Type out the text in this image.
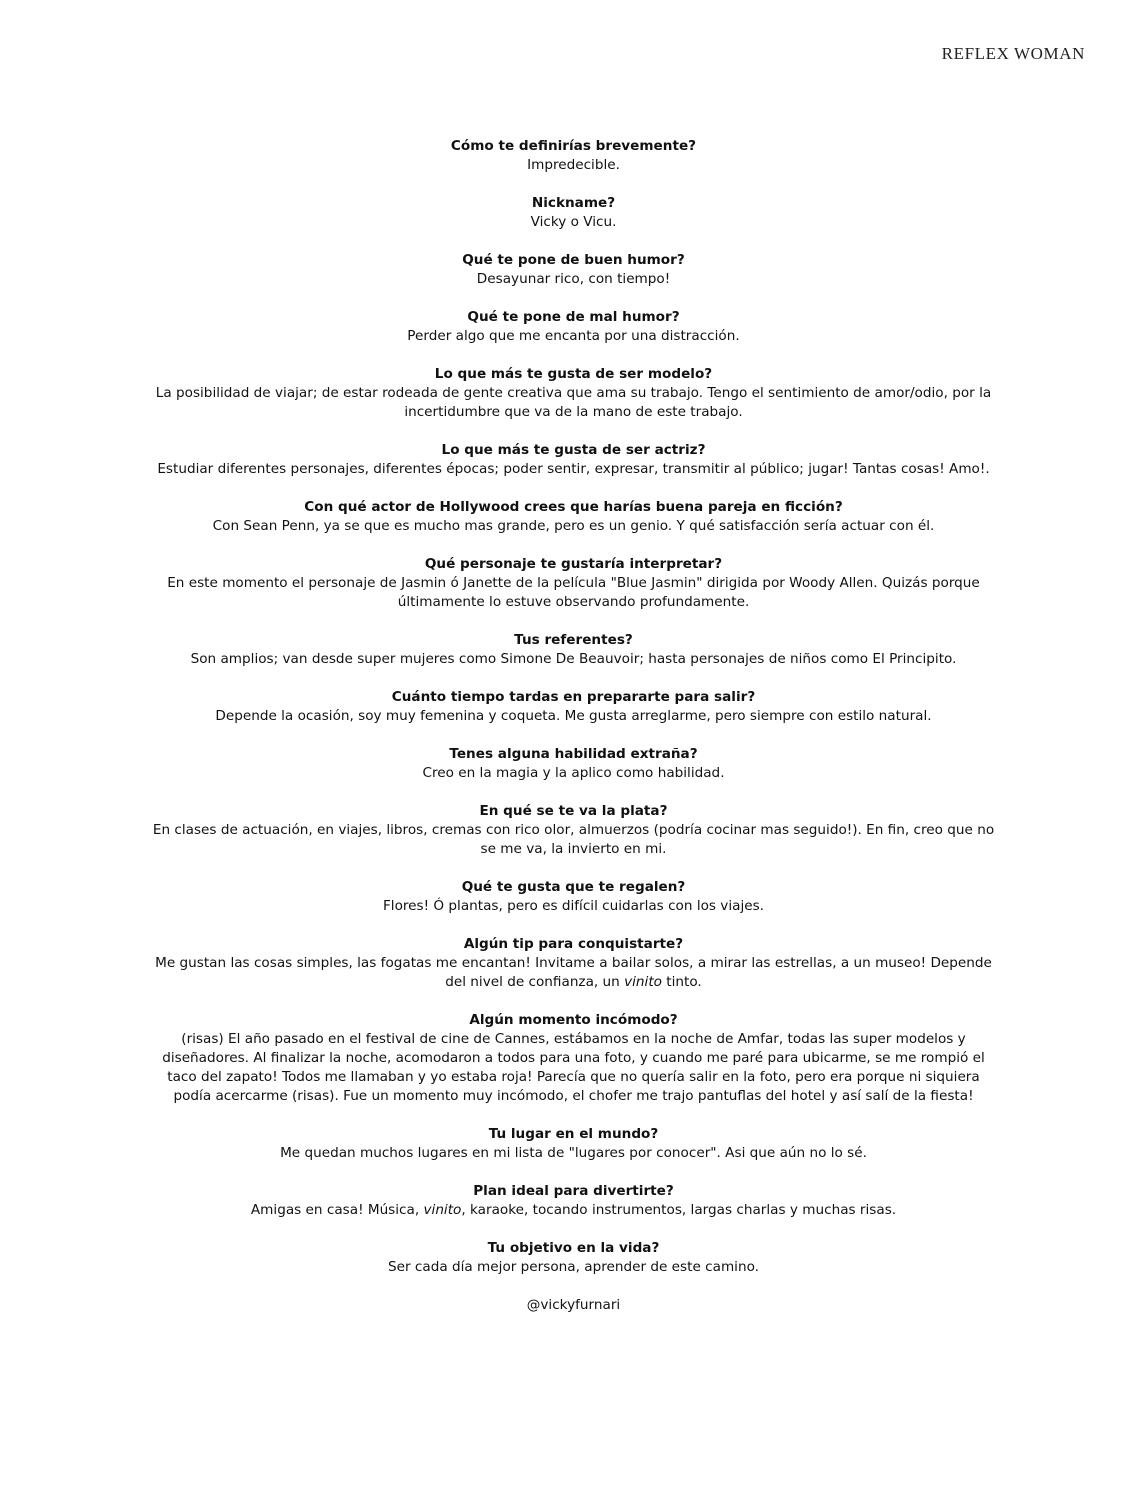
REFLEX WOMAN

Cómo te definirías brevemente?

Impredecible.

Nickname?

Vicky o Vicu.

Qué te pone de buen humor?

Desayunar rico, con tiempo!

Qué te pone de mal humor?

Perder algo que me encanta por una distracción.

Lo que más te gusta de ser modelo?

La posibilidad de viajar; de estar rodeada de gente creativa que ama su trabajo. Tengo el sentimiento de amor/odio, por la incertidumbre que va de la mano de este trabajo.

Lo que más te gusta de ser actriz?

Estudiar diferentes personajes, diferentes épocas; poder sentir, expresar, transmitir al público; jugar! Tantas cosas! Amo!.

Con qué actor de Hollywood crees que harías buena pareja en ficción?

Con Sean Penn, ya se que es mucho mas grande, pero es un genio. Y qué satisfacción sería actuar con él.

Qué personaje te gustaría interpretar?

En este momento el personaje de Jasmin ó Janette de la película "Blue Jasmin" dirigida por Woody Allen. Quizás porque últimamente lo estuve observando profundamente.

Tus referentes?

Son amplios; van desde super mujeres como Simone De Beauvoir; hasta personajes de niños como El Principito.

Cuánto tiempo tardas en prepararte para salir?

Depende la ocasión, soy muy femenina y coqueta. Me gusta arreglarme, pero siempre con estilo natural.

Tenes alguna habilidad extraña?

Creo en la magia y la aplico como habilidad.

En qué se te va la plata?

En clases de actuación, en viajes, libros, cremas con rico olor, almuerzos (podría cocinar mas seguido!). En fin, creo que no se me va, la invierto en mi.

Qué te gusta que te regalen?

Flores! Ó plantas, pero es difícil cuidarlas con los viajes.

Algún tip para conquistarte?

Me gustan las cosas simples, las fogatas me encantan! Invitame a bailar solos, a mirar las estrellas, a un museo! Depende del nivel de confianza, un vinito tinto.

Algún momento incómodo?

(risas) El año pasado en el festival de cine de Cannes, estábamos en la noche de Amfar, todas las super modelos y diseñadores. Al finalizar la noche, acomodaron a todos para una foto, y cuando me paré para ubicarme, se me rompió el taco del zapato! Todos me llamaban y yo estaba roja! Parecía que no quería salir en la foto, pero era porque ni siquiera podía acercarme (risas). Fue un momento muy incómodo, el chofer me trajo pantuflas del hotel y así salí de la fiesta!

Tu lugar en el mundo?

Me quedan muchos lugares en mi lista de "lugares por conocer". Asi que aún no lo sé.

Plan ideal para divertirte?

Amigas en casa! Música, vinito, karaoke, tocando instrumentos, largas charlas y muchas risas.

Tu objetivo en la vida?

Ser cada día mejor persona, aprender de este camino.

@vickyfurnari
